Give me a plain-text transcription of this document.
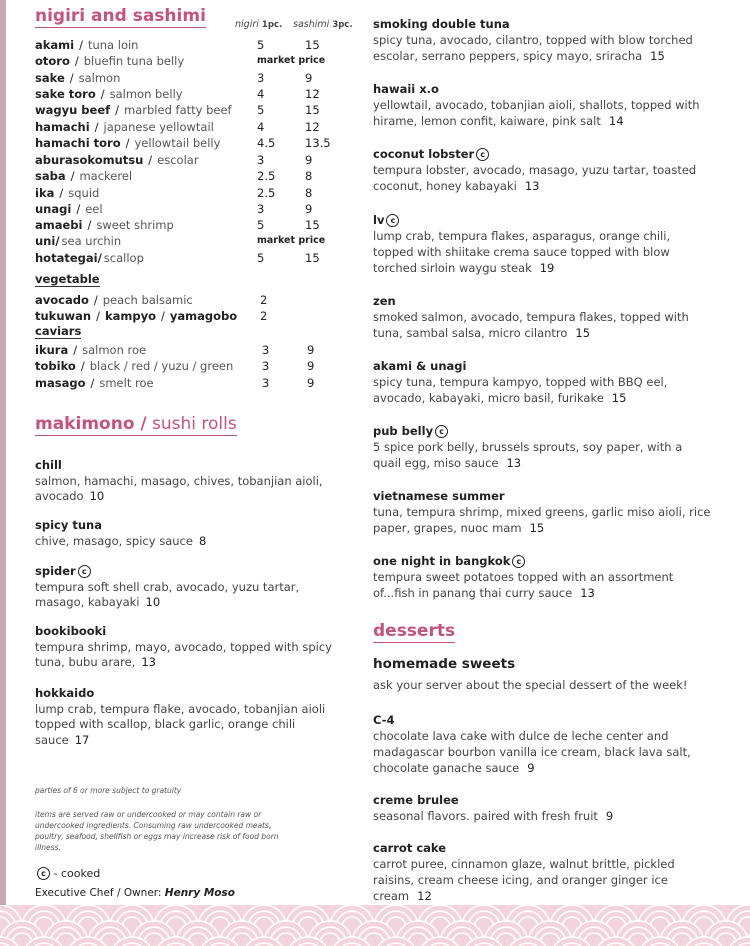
nigiri and sashimi	nigiri 1pc. sashimi 3pc.
akami / tuna loin	5	15
otoro / bluefin tuna belly	market price
sake / salmon	3	9
sake toro / salmon belly	4	12
wagyu beef / marbled fatty beef 5	15
hamachi / japanese yellowtail	4	12
hamachi toro / yellowtail belly	4.5	13.5
aburasokomutsu / escolar	3	9
saba / mackerel	2.5	8
ika / squid	2.5	8
unagi / eel	3	9
amaebi / sweet shrimp	5	15
uni/ sea urchin	market price
hotategai/ scallop	5	15
vegetable
avocado / peach balsamic	2
tukuwan / kampyo / yamagobo 2
caviars
ikura / salmon roe	3	9
tobiko / black / red / yuzu / green 3	9
masago / smelt roe	3	9
makimono / sushi rolls
chill
salmon, hamachi, masago, chives, tobanjian aioli, avocado 10
spicy tuna
chive, masago, spicy sauce 8
spider c
tempura soft shell crab, avocado, yuzu tartar, masago, kabayaki 10
bookibooki
tempura shrimp, mayo, avocado, topped with spicy tuna, bubu arare, 13
hokkaido
lump crab, tempura flake, avocado, tobanjian aioli topped with scallop, black garlic, orange chili sauce 17
parties of 6 or more subject to gratuity
items are served raw or undercooked or may contain raw or undercooked ingredients. Consuming raw undercooked meats, poultry, seafood, shellfish or eggs may increase risk of food born illness.
c - cooked
Executive Chef / Owner: Henry Moso
smoking double tuna
spicy tuna, avocado, cilantro, topped with blow torched escolar, serrano peppers, spicy mayo, sriracha 15
hawaii x.o
yellowtail, avocado, tobanjian aioli, shallots, topped with hirame, lemon confit, kaiware, pink salt 14
coconut lobster c
tempura lobster, avocado, masago, yuzu tartar, toasted coconut, honey kabayaki 13
lv c
lump crab, tempura flakes, asparagus, orange chili, topped with shiitake crema sauce topped with blow torched sirloin waygu steak 19
zen
smoked salmon, avocado, tempura flakes, topped with tuna, sambal salsa, micro cilantro 15
akami & unagi
spicy tuna, tempura kampyo, topped with BBQ eel, avocado, kabayaki, micro basil, furikake 15
pub belly c
5 spice pork belly, brussels sprouts, soy paper, with a quail egg, miso sauce 13
vietnamese summer
tuna, tempura shrimp, mixed greens, garlic miso aioli, rice paper, grapes, nuoc mam 15
one night in bangkok c
tempura sweet potatoes topped with an assortment of...fish in panang thai curry sauce 13
desserts
homemade sweets
ask your server about the special dessert of the week!
C-4
chocolate lava cake with dulce de leche center and madagascar bourbon vanilla ice cream, black lava salt, chocolate ganache sauce 9
creme brulee
seasonal flavors. paired with fresh fruit 9
carrot cake
carrot puree, cinnamon glaze, walnut brittle, pickled raisins, cream cheese icing, and oranger ginger ice cream 12
